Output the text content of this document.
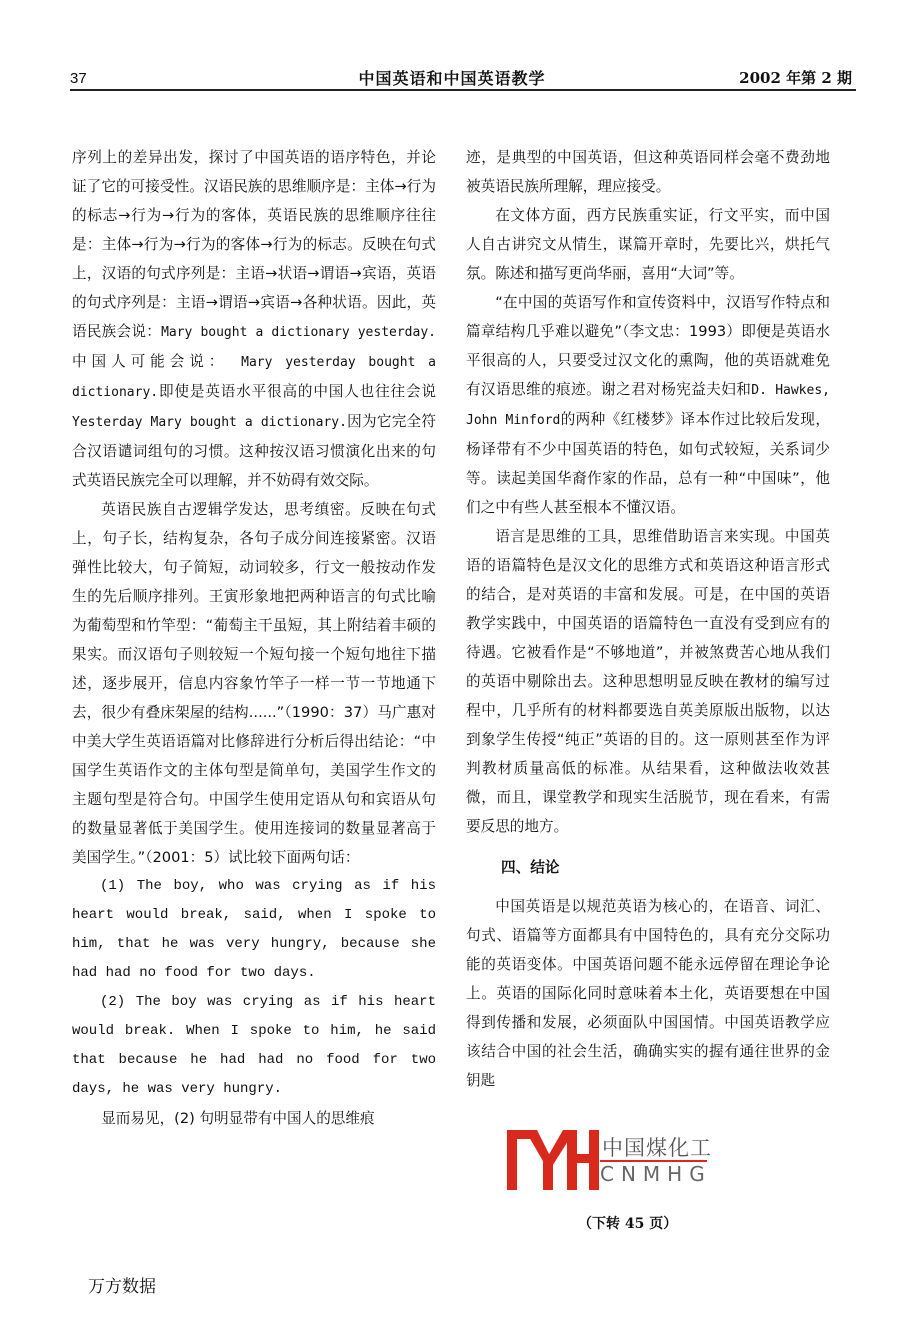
37	中国英语和中国英语教学	2002 年第 2 期

序列上的差异出发，探讨了中国英语的语序特色，并论证了它的可接受性。汉语民族的思维顺序是：主体→行为的标志→行为→行为的客体，英语民族的思维顺序往往是：主体→行为→行为的客体→行为的标志。反映在句式上，汉语的句式序列是：主语→状语→谓语→宾语，英语的句式序列是：主语→谓语→宾语→各种状语。因此，英语民族会说：Mary bought a dictionary yesterday. 中国人可能会说： Mary yesterday bought a dictionary.即使是英语水平很高的中国人也往往会说Yesterday Mary bought a dictionary.因为它完全符合汉语谴词组句的习惯。这种按汉语习惯演化出来的句式英语民族完全可以理解，并不妨碍有效交际。

英语民族自古逻辑学发达，思考缜密。反映在句式上，句子长，结构复杂，各句子成分间连接紧密。汉语弹性比较大，句子简短，动词较多，行文一般按动作发生的先后顺序排列。王寅形象地把两种语言的句式比喻为葡萄型和竹竿型：“葡萄主干虽短，其上附结着丰硕的果实。而汉语句子则较短一个短句接一个短句地往下描述，逐步展开，信息内容象竹竿子一样一节一节地通下去，很少有叠床架屋的结构......”（1990：37）马广惠对中美大学生英语语篇对比修辞进行分析后得出结论：“中国学生英语作文的主体句型是简单句，美国学生作文的主题句型是符合句。中国学生使用定语从句和宾语从句的数量显著低于美国学生。使用连接词的数量显著高于美国学生。”（2001：5）试比较下面两句话：

(1) The boy, who was crying as if his heart would break, said, when I spoke to him, that he was very hungry, because she had had no food for two days.

(2) The boy was crying as if his heart would break. When I spoke to him, he said that because he had had no food for two days, he was very hungry.

显而易见，(2) 句明显带有中国人的思维痕

迹，是典型的中国英语，但这种英语同样会毫不费劲地被英语民族所理解，理应接受。

在文体方面，西方民族重实证，行文平实，而中国人自古讲究文从情生，谋篇开章时，先要比兴，烘托气氛。陈述和描写更尚华丽，喜用“大词”等。

“在中国的英语写作和宣传资料中，汉语写作特点和篇章结构几乎难以避免”（李文忠：1993）即便是英语水平很高的人，只要受过汉文化的熏陶，他的英语就难免有汉语思维的痕迹。谢之君对杨宪益夫妇和D. Hawkes, John Minford的两种《红楼梦》译本作过比较后发现，杨译带有不少中国英语的特色，如句式较短，关系词少等。读起美国华裔作家的作品，总有一种“中国味”，他们之中有些人甚至根本不懂汉语。

语言是思维的工具，思维借助语言来实现。中国英语的语篇特色是汉文化的思维方式和英语这种语言形式的结合，是对英语的丰富和发展。可是，在中国的英语教学实践中，中国英语的语篇特色一直没有受到应有的待遇。它被看作是“不够地道”，并被煞费苦心地从我们的英语中剔除出去。这种思想明显反映在教材的编写过程中，几乎所有的材料都要选自英美原版出版物，以达到象学生传授“纯正”英语的目的。这一原则甚至作为评判教材质量高低的标准。从结果看，这种做法收效甚微，而且，课堂教学和现实生活脱节，现在看来，有需要反思的地方。

四、结论

中国英语是以规范英语为核心的，在语音、词汇、句式、语篇等方面都具有中国特色的，具有充分交际功能的英语变体。中国英语问题不能永远停留在理论争论上。英语的国际化同时意味着本土化，英语要想在中国得到传播和发展，必须面队中国国情。中国英语教学应该结合中国的社会生活，确确实实的握有通往世界的金钥匙

（下转 45 页）
中国煤化工
CNMHG
万方数据
